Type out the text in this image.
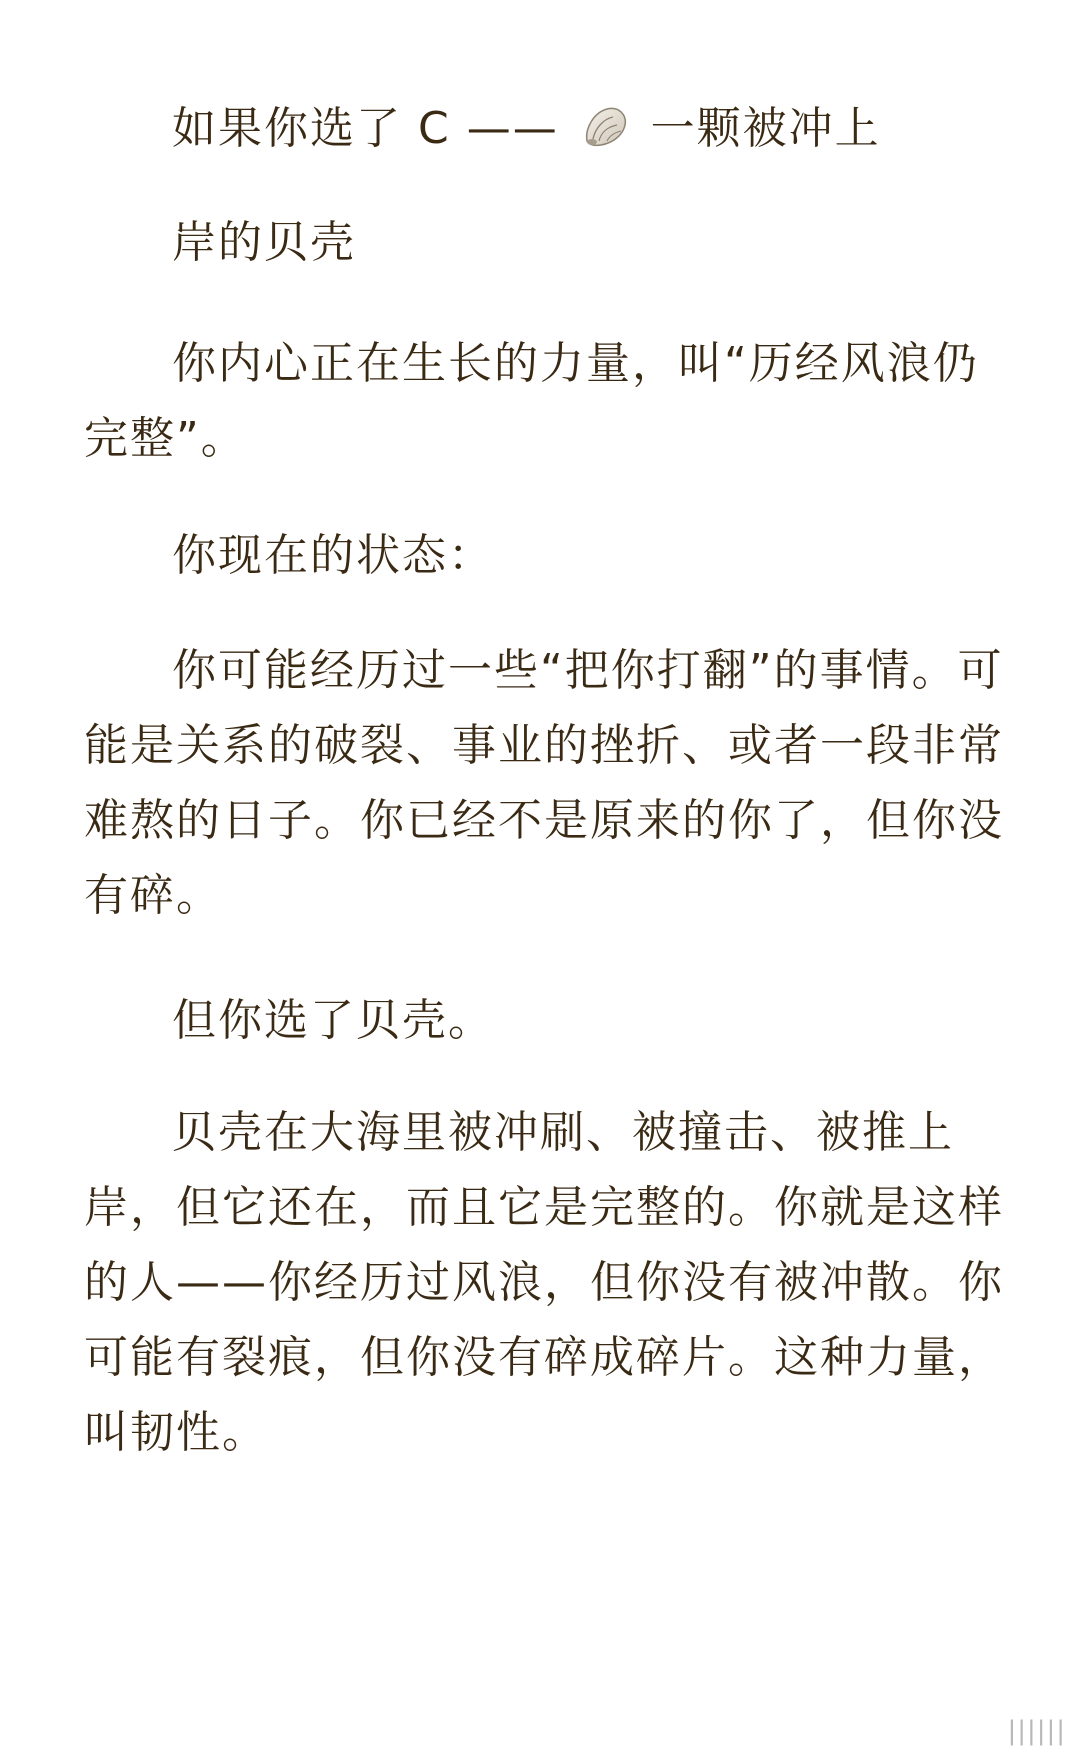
如果你选了 C ——  一颗被冲上

岸的贝壳

你内心正在生长的力量，叫“历经风浪仍完整”。

你现在的状态：

你可能经历过一些“把你打翻”的事情。可能是关系的破裂、事业的挫折、或者一段非常难熬的日子。你已经不是原来的你了，但你没有碎。

但你选了贝壳。

贝壳在大海里被冲刷、被撞击、被推上岸，但它还在，而且它是完整的。你就是这样的人——你经历过风浪，但你没有被冲散。你可能有裂痕，但你没有碎成碎片。这种力量，叫韧性。

||||||
